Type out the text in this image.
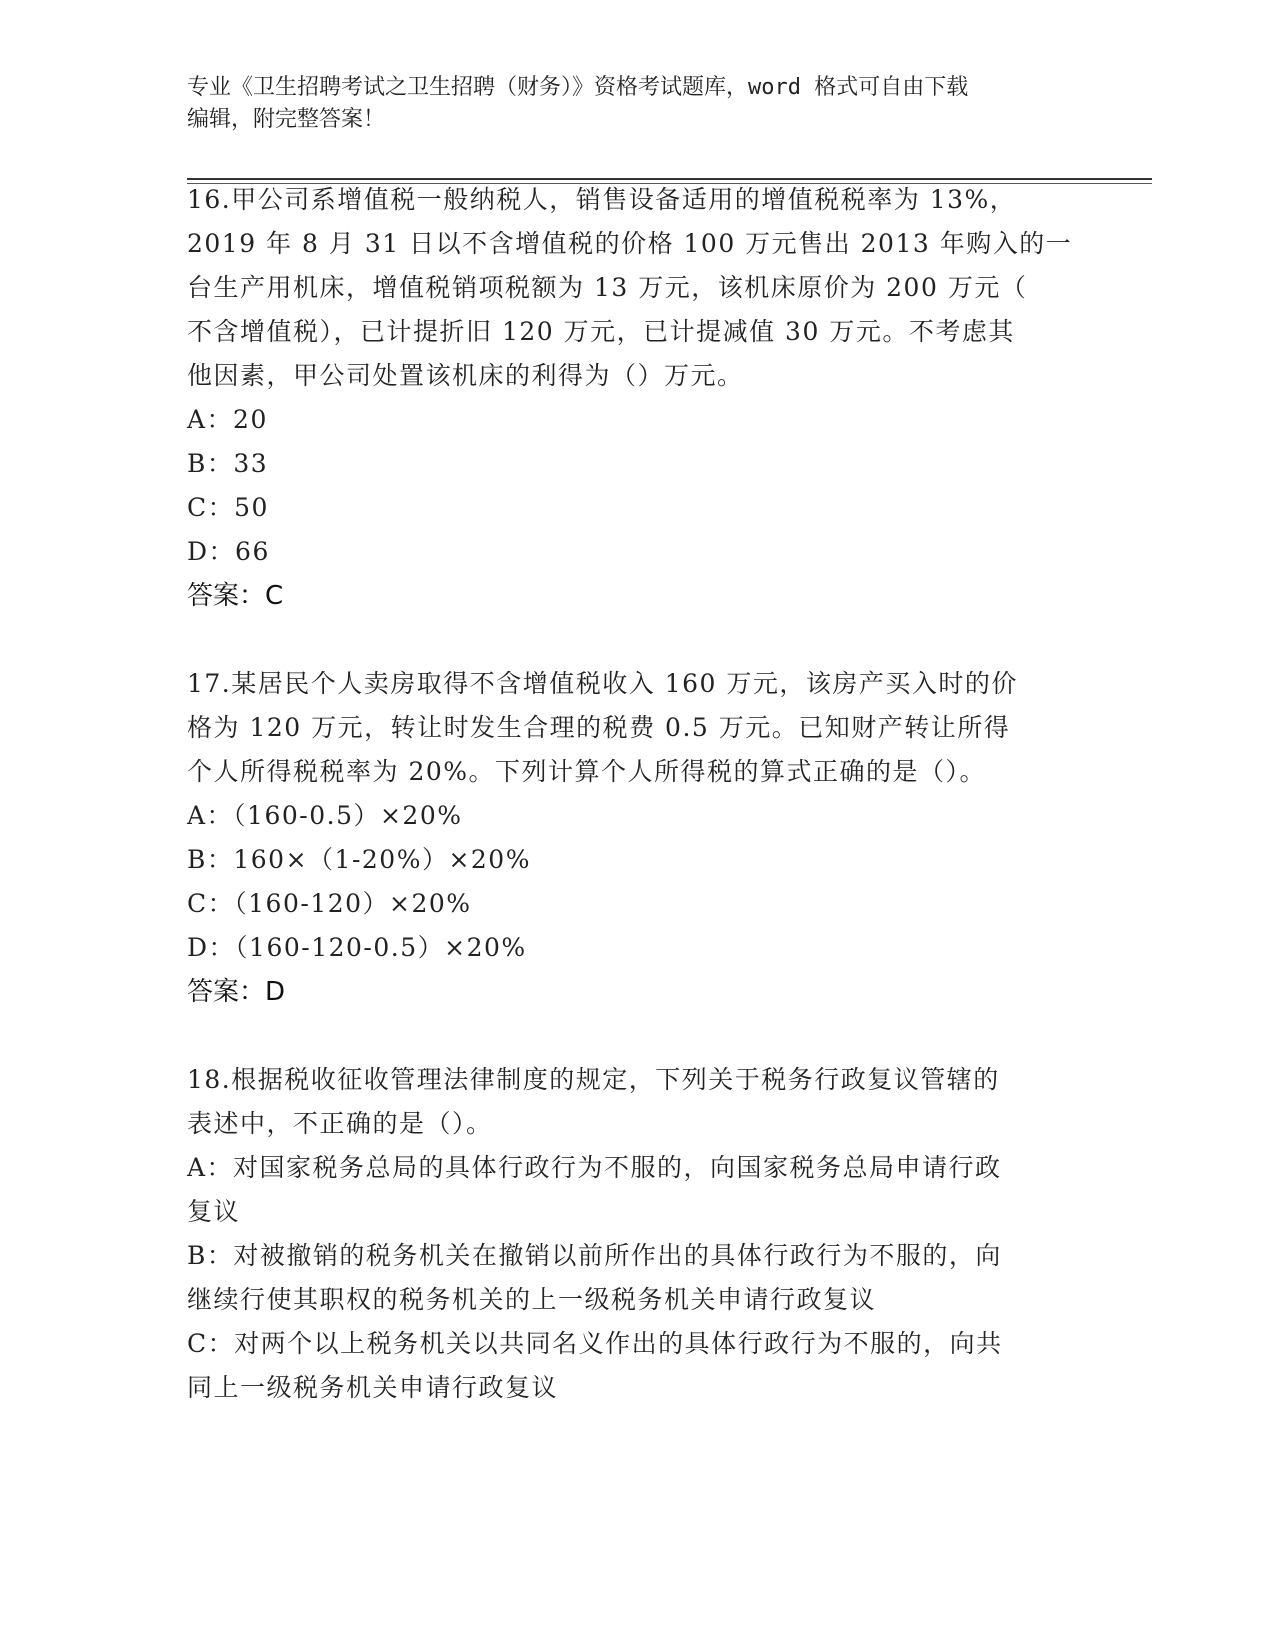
专业《卫生招聘考试之卫生招聘（财务）》资格考试题库，word 格式可自由下载
编辑，附完整答案！
16.甲公司系增值税一般纳税人，销售设备适用的增值税税率为 13%，
2019 年 8 月 31 日以不含增值税的价格 100 万元售出 2013 年购入的一
台生产用机床，增值税销项税额为 13 万元，该机床原价为 200 万元（
不含增值税），已计提折旧 120 万元，已计提减值 30 万元。不考虑其
他因素，甲公司处置该机床的利得为（）万元。
A：20
B：33
C：50
D：66
答案：C
17.某居民个人卖房取得不含增值税收入 160 万元，该房产买入时的价
格为 120 万元，转让时发生合理的税费 0.5 万元。已知财产转让所得
个人所得税税率为 20%。下列计算个人所得税的算式正确的是（）。
A：（160-0.5）×20%
B：160×（1-20%）×20%
C：（160-120）×20%
D：（160-120-0.5）×20%
答案：D
18.根据税收征收管理法律制度的规定，下列关于税务行政复议管辖的
表述中，不正确的是（）。
A：对国家税务总局的具体行政行为不服的，向国家税务总局申请行政
复议
B：对被撤销的税务机关在撤销以前所作出的具体行政行为不服的，向
继续行使其职权的税务机关的上一级税务机关申请行政复议
C：对两个以上税务机关以共同名义作出的具体行政行为不服的，向共
同上一级税务机关申请行政复议
